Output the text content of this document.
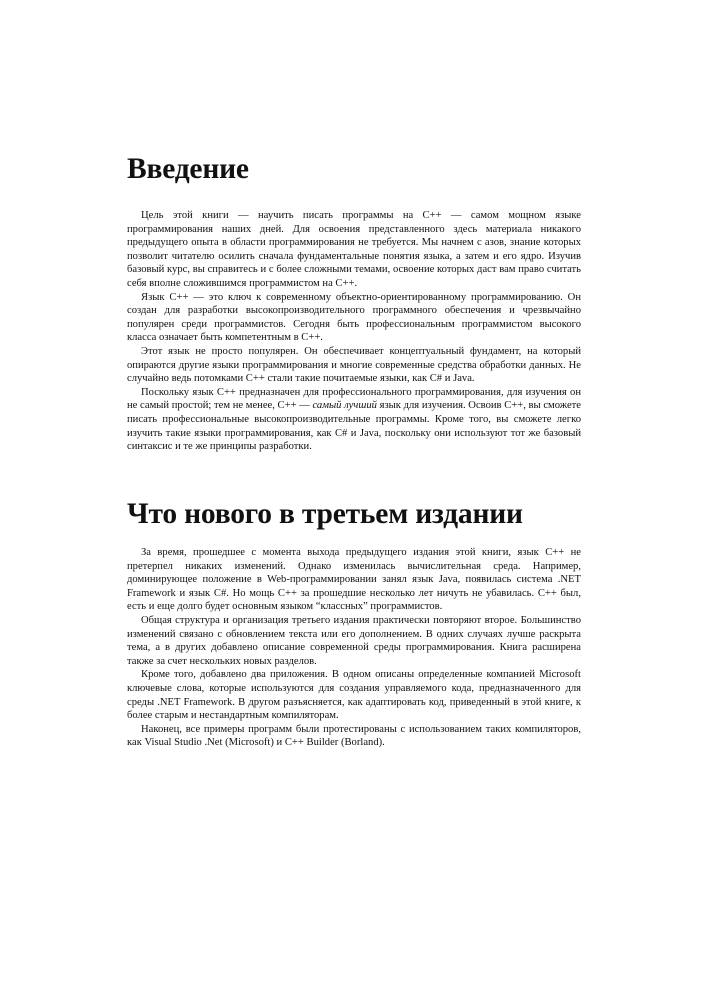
Введение

Цель этой книги — научить писать программы на C++ — самом мощном языке программирования наших дней. Для освоения представленного здесь материала никакого предыдущего опыта в области программирования не требуется. Мы начнем с азов, знание которых позволит читателю осилить сначала фундаментальные понятия языка, а затем и его ядро. Изучив базовый курс, вы справитесь и с более сложными темами, освоение которых даст вам право считать себя вполне сложившимся программистом на C++.

Язык C++ — это ключ к современному объектно-ориентированному программированию. Он создан для разработки высокопроизводительного программного обеспечения и чрезвычайно популярен среди программистов. Сегодня быть профессиональным программистом высокого класса означает быть компетентным в C++.

Этот язык не просто популярен. Он обеспечивает концептуальный фундамент, на который опираются другие языки программирования и многие современные средства обработки данных. Не случайно ведь потомками C++ стали такие почитаемые языки, как C# и Java.

Поскольку язык C++ предназначен для профессионального программирования, для изучения он не самый простой; тем не менее, C++ — самый лучший язык для изучения. Освоив C++, вы сможете писать профессиональные высокопроизводительные программы. Кроме того, вы сможете легко изучить такие языки программирования, как C# и Java, поскольку они используют тот же базовый синтаксис и те же принципы разработки.

Что нового в третьем издании

За время, прошедшее с момента выхода предыдущего издания этой книги, язык C++ не претерпел никаких изменений. Однако изменилась вычислительная среда. Например, доминирующее положение в Web-программировании занял язык Java, появилась система .NET Framework и язык C#. Но мощь C++ за прошедшие несколько лет ничуть не убавилась. C++ был, есть и еще долго будет основным языком “классных” программистов.

Общая структура и организация третьего издания практически повторяют второе. Большинство изменений связано с обновлением текста или его дополнением. В одних случаях лучше раскрыта тема, а в других добавлено описание современной среды программирования. Книга расширена также за счет нескольких новых разделов.

Кроме того, добавлено два приложения. В одном описаны определенные компанией Microsoft ключевые слова, которые используются для создания управляемого кода, предназначенного для среды .NET Framework. В другом разъясняется, как адаптировать код, приведенный в этой книге, к более старым и нестандартным компиляторам.

Наконец, все примеры программ были протестированы с использованием таких компиляторов, как Visual Studio .Net (Microsoft) и C++ Builder (Borland).
